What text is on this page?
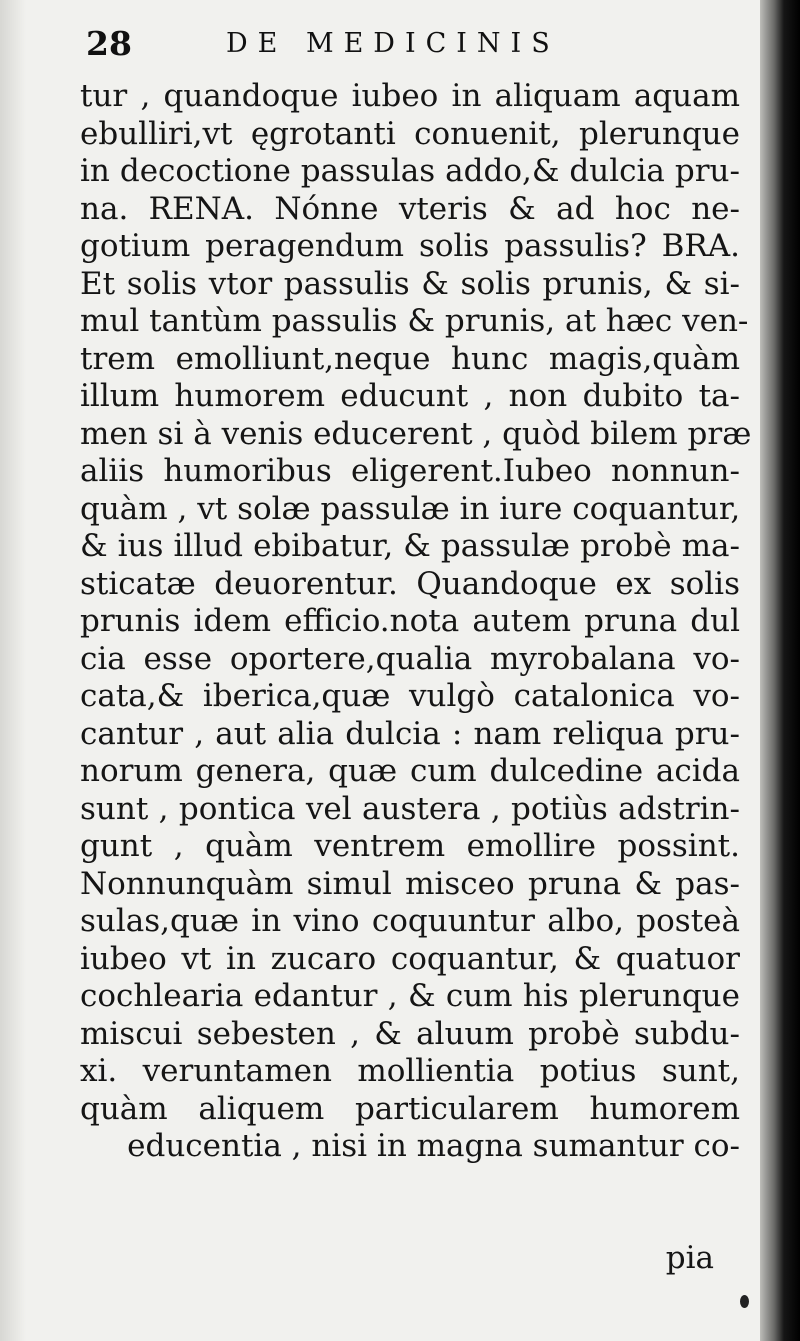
28	DE MEDICINIS
tur , quandoque iubeo in aliquam aquam
ebulliri,vt ęgrotanti conuenit, plerunque
in decoctione passulas addo,& dulcia pru-
na. RENA. Nónne vteris & ad hoc ne-
gotium peragendum solis passulis? BRA.
Et solis vtor passulis & solis prunis, & si-
mul tantùm passulis & prunis, at hæc ven-
trem emolliunt,neque hunc magis,quàm
illum humorem educunt , non dubito ta-
men si à venis educerent , quòd bilem præ
aliis humoribus eligerent.Iubeo nonnun-
quàm , vt solæ passulæ in iure coquantur,
& ius illud ebibatur, & passulæ probè ma-
sticatæ deuorentur. Quandoque ex solis
prunis idem efficio.nota autem pruna dul
cia esse oportere,qualia myrobalana vo-
cata,& iberica,quæ vulgò catalonica vo-
cantur , aut alia dulcia : nam reliqua pru-
norum genera, quæ cum dulcedine acida
sunt , pontica vel austera , potiùs adstrin-
gunt , quàm ventrem emollire possint.
Nonnunquàm simul misceo pruna & pas-
sulas,quæ in vino coquuntur albo, posteà
iubeo vt in zucaro coquantur, & quatuor
cochlearia edantur , & cum his plerunque
miscui sebesten , & aluum probè subdu-
xi. veruntamen mollientia potius sunt,
quàm aliquem particularem humorem
educentia , nisi in magna sumantur co-
pia
